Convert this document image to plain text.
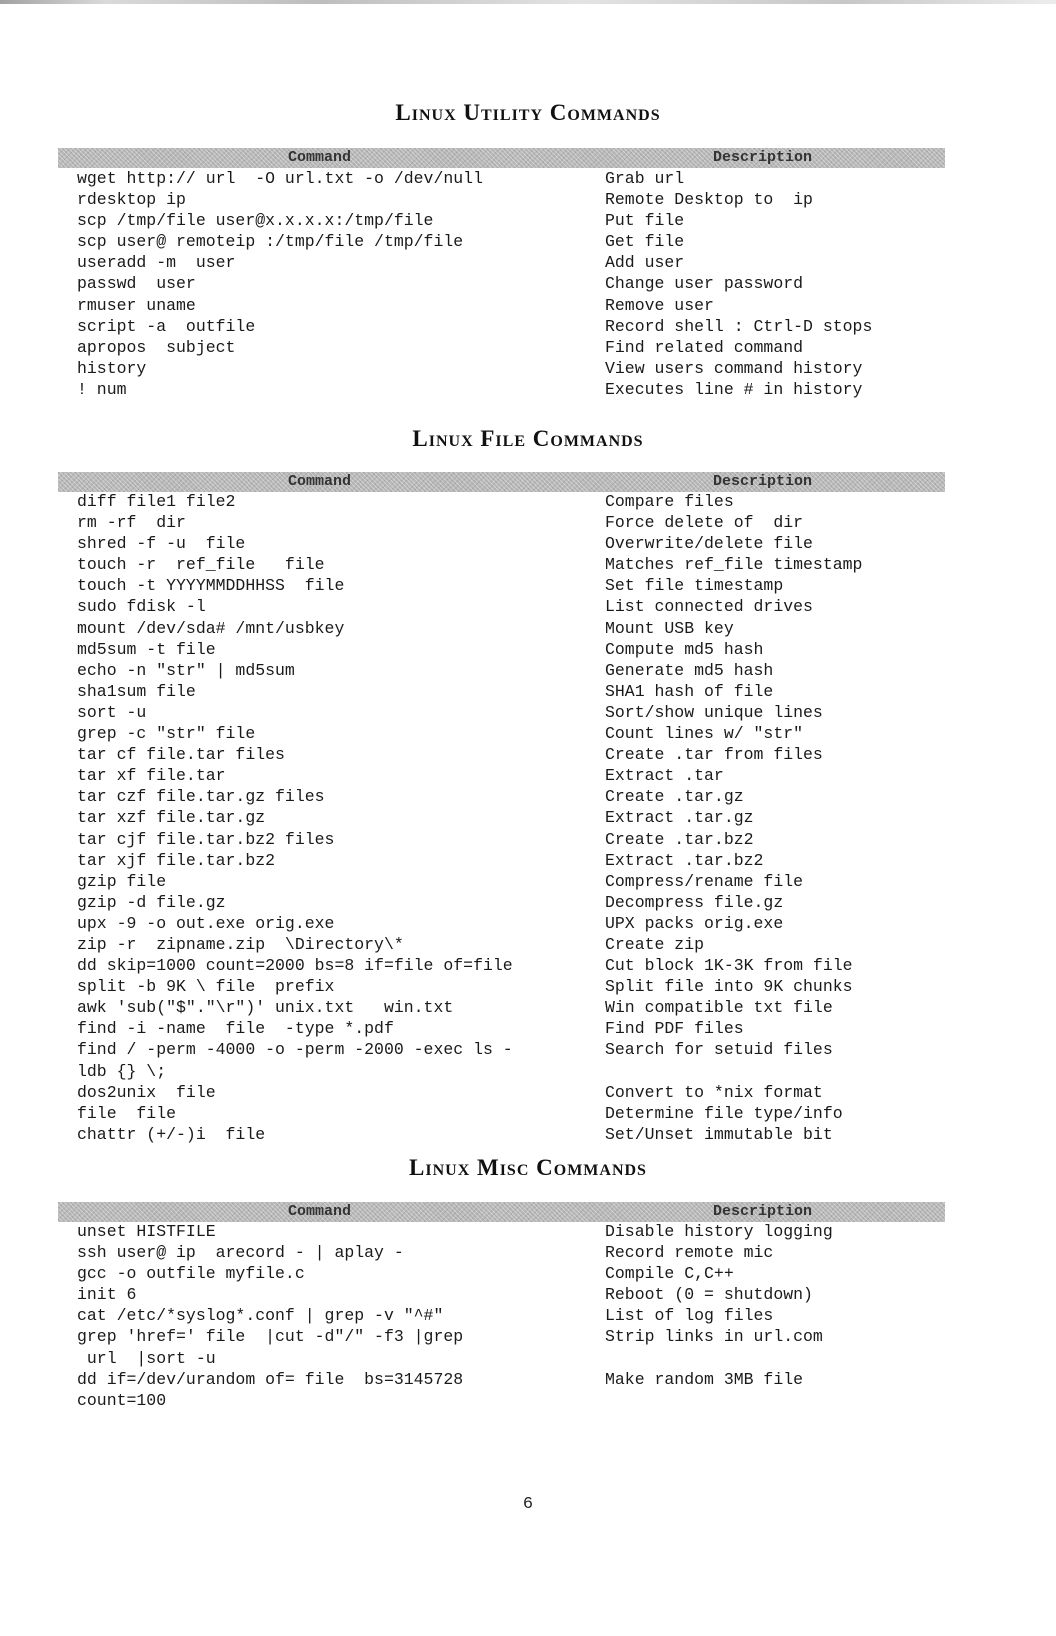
Linux Utility Commands
Command	Description
wget http:// url  -O url.txt -o /dev/null	Grab url
rdesktop ip	Remote Desktop to  ip
scp /tmp/file user@x.x.x.x:/tmp/file	Put file
scp user@ remoteip :/tmp/file /tmp/file	Get file
useradd -m  user	Add user
passwd  user	Change user password
rmuser uname	Remove user
script -a  outfile	Record shell : Ctrl-D stops
apropos  subject	Find related command
history	View users command history
! num	Executes line # in history
Linux File Commands
Command	Description
diff file1 file2	Compare files
rm -rf  dir	Force delete of  dir
shred -f -u  file	Overwrite/delete file
touch -r  ref_file   file	Matches ref_file timestamp
touch -t YYYYMMDDHHSS  file	Set file timestamp
sudo fdisk -l	List connected drives
mount /dev/sda# /mnt/usbkey	Mount USB key
md5sum -t file	Compute md5 hash
echo -n "str" | md5sum	Generate md5 hash
sha1sum file	SHA1 hash of file
sort -u	Sort/show unique lines
grep -c "str" file	Count lines w/ "str"
tar cf file.tar files	Create .tar from files
tar xf file.tar	Extract .tar
tar czf file.tar.gz files	Create .tar.gz
tar xzf file.tar.gz	Extract .tar.gz
tar cjf file.tar.bz2 files	Create .tar.bz2
tar xjf file.tar.bz2	Extract .tar.bz2
gzip file	Compress/rename file
gzip -d file.gz	Decompress file.gz
upx -9 -o out.exe orig.exe	UPX packs orig.exe
zip -r  zipname.zip  \Directory\*	Create zip
dd skip=1000 count=2000 bs=8 if=file of=file	Cut block 1K-3K from file
split -b 9K \ file  prefix	Split file into 9K chunks
awk 'sub("$"."\r")' unix.txt   win.txt	Win compatible txt file
find -i -name  file  -type *.pdf	Find PDF files
find / -perm -4000 -o -perm -2000 -exec ls -	Search for setuid files
ldb {} \;
dos2unix  file	Convert to *nix format
file  file	Determine file type/info
chattr (+/-)i  file	Set/Unset immutable bit
Linux Misc Commands
Command	Description
unset HISTFILE	Disable history logging
ssh user@ ip  arecord - | aplay -	Record remote mic
gcc -o outfile myfile.c	Compile C,C++
init 6	Reboot (0 = shutdown)
cat /etc/*syslog*.conf | grep -v "^#"	List of log files
grep 'href=' file  |cut -d"/" -f3 |grep	Strip links in url.com
url  |sort -u
dd if=/dev/urandom of= file  bs=3145728	Make random 3MB file
count=100
6
